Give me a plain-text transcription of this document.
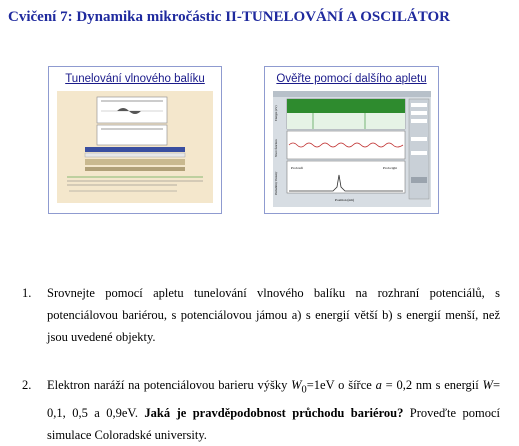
Cvičení 7: Dynamika mikročástic II-TUNELOVÁNÍ A OSCILÁTOR
Tunelování vlnového balíku	Ověřte pomocí dalšího apletu
Energie (eV)
Wave function
Probability Density
Prob.left	Prob.right
Position (nm)
1. Srovnejte pomocí apletu tunelování vlnového balíku na rozhraní potenciálů, s potenciálovou bariérou, s potenciálovou jámou a) s energií větší b) s energií menší, než jsou uvedené objekty.
2. Elektron naráží na potenciálovou barieru výšky $W_0=1eV$ o šířce a = 0,2 nm s energií W= 0,1, 0,5 a 0,9eV. Jaká je pravděpodobnost průchodu bariérou? Proveďte pomocí simulace Coloradské university.
